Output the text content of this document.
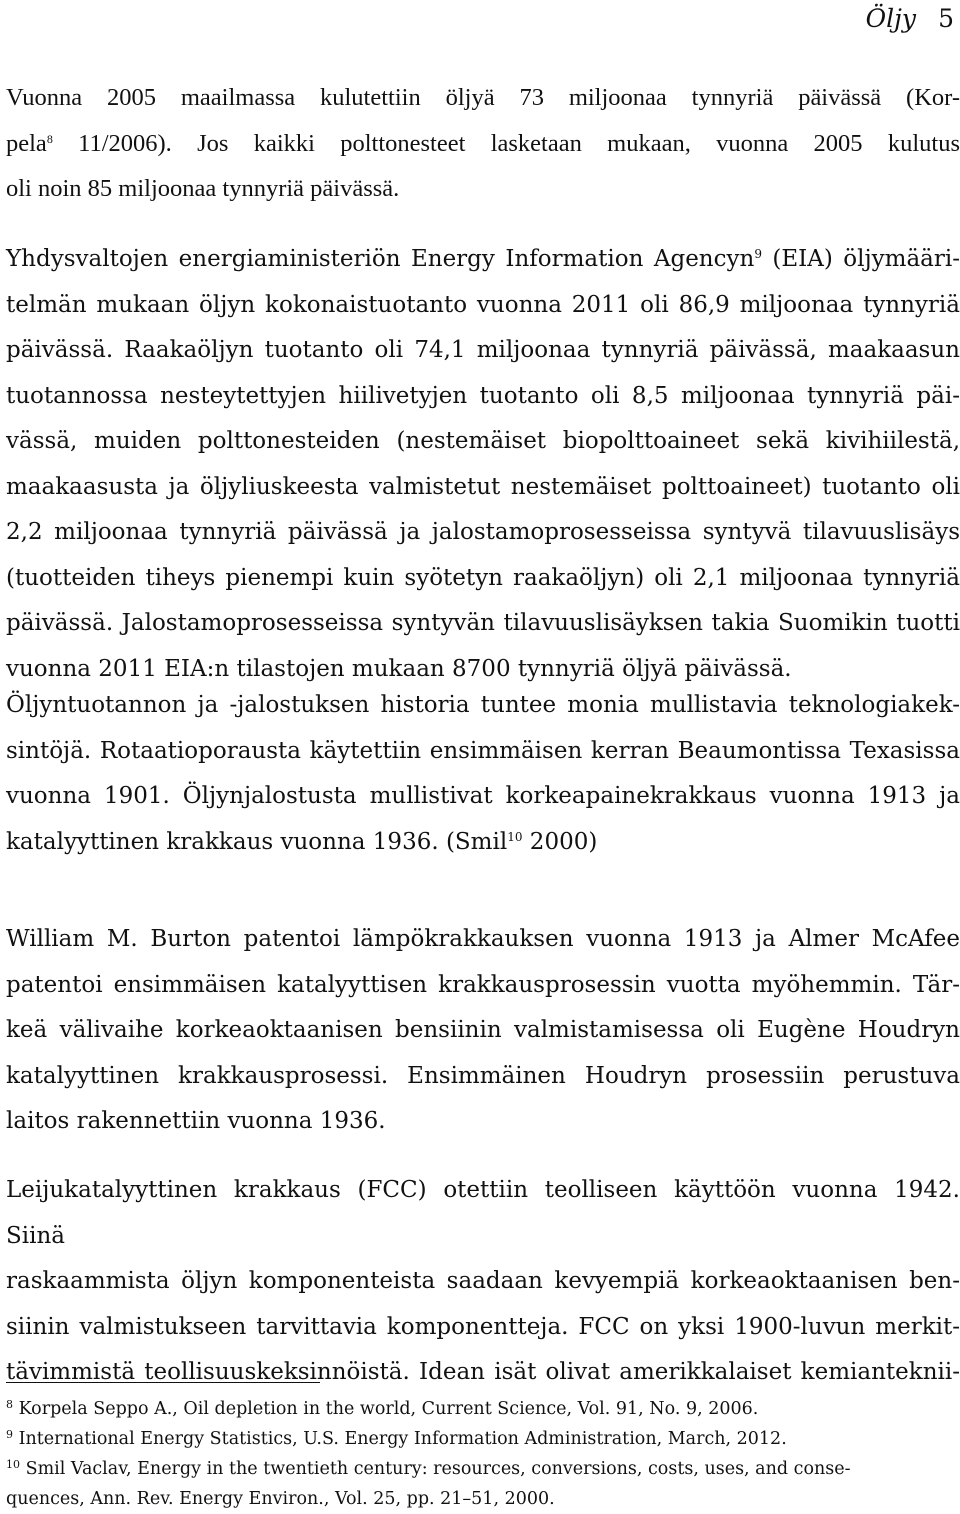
Öljy 5
Vuonna 2005 maailmassa kulutettiin öljyä 73 miljoonaa tynnyriä päivässä (Kor-
pela$^8$ 11/2006). Jos kaikki polttonesteet lasketaan mukaan, vuonna 2005 kulutus
oli noin 85 miljoonaa tynnyriä päivässä.
Yhdysvaltojen energiaministeriön Energy Information Agencyn$^9$ (EIA) öljymääri-
telmän mukaan öljyn kokonaistuotanto vuonna 2011 oli 86,9 miljoonaa tynnyriä
päivässä. Raakaöljyn tuotanto oli 74,1 miljoonaa tynnyriä päivässä, maakaasun
tuotannossa nesteytettyjen hiilivetyjen tuotanto oli 8,5 miljoonaa tynnyriä päi-
vässä, muiden polttonesteiden (nestemäiset biopolttoaineet sekä kivihiilestä,
maakaasusta ja öljyliuskeesta valmistetut nestemäiset polttoaineet) tuotanto oli
2,2 miljoonaa tynnyriä päivässä ja jalostamoprosesseissa syntyvä tilavuuslisäys
(tuotteiden tiheys pienempi kuin syötetyn raakaöljyn) oli 2,1 miljoonaa tynnyriä
päivässä. Jalostamoprosesseissa syntyvän tilavuuslisäyksen takia Suomikin tuotti
vuonna 2011 EIA:n tilastojen mukaan 8700 tynnyriä öljyä päivässä.
Öljyntuotannon ja -jalostuksen historia tuntee monia mullistavia teknologiakek-
sintöjä. Rotaatioporausta käytettiin ensimmäisen kerran Beaumontissa Texasissa
vuonna 1901. Öljynjalostusta mullistivat korkeapainekrakkaus vuonna 1913 ja
katalyyttinen krakkaus vuonna 1936. (Smil$^{10}$ 2000)
William M. Burton patentoi lämpökrakkauksen vuonna 1913 ja Almer McAfee
patentoi ensimmäisen katalyyttisen krakkausprosessin vuotta myöhemmin. Tär-
keä välivaihe korkeaoktaanisen bensiinin valmistamisessa oli Eugène Houdryn
katalyyttinen krakkausprosessi. Ensimmäinen Houdryn prosessiin perustuva
laitos rakennettiin vuonna 1936.
Leijukatalyyttinen krakkaus (FCC) otettiin teolliseen käyttöön vuonna 1942. Siinä
raskaammista öljyn komponenteista saadaan kevyempiä korkeaoktaanisen ben-
siinin valmistukseen tarvittavia komponentteja. FCC on yksi 1900-luvun merkit-
tävimmistä teollisuuskeksinnöistä. Idean isät olivat amerikkalaiset kemianteknii-
$^8$ Korpela Seppo A., Oil depletion in the world, Current Science, Vol. 91, No. 9, 2006.
$^9$ International Energy Statistics, U.S. Energy Information Administration, March, 2012.
$^{10}$ Smil Vaclav, Energy in the twentieth century: resources, conversions, costs, uses, and conse-
quences, Ann. Rev. Energy Environ., Vol. 25, pp. 21–51, 2000.
